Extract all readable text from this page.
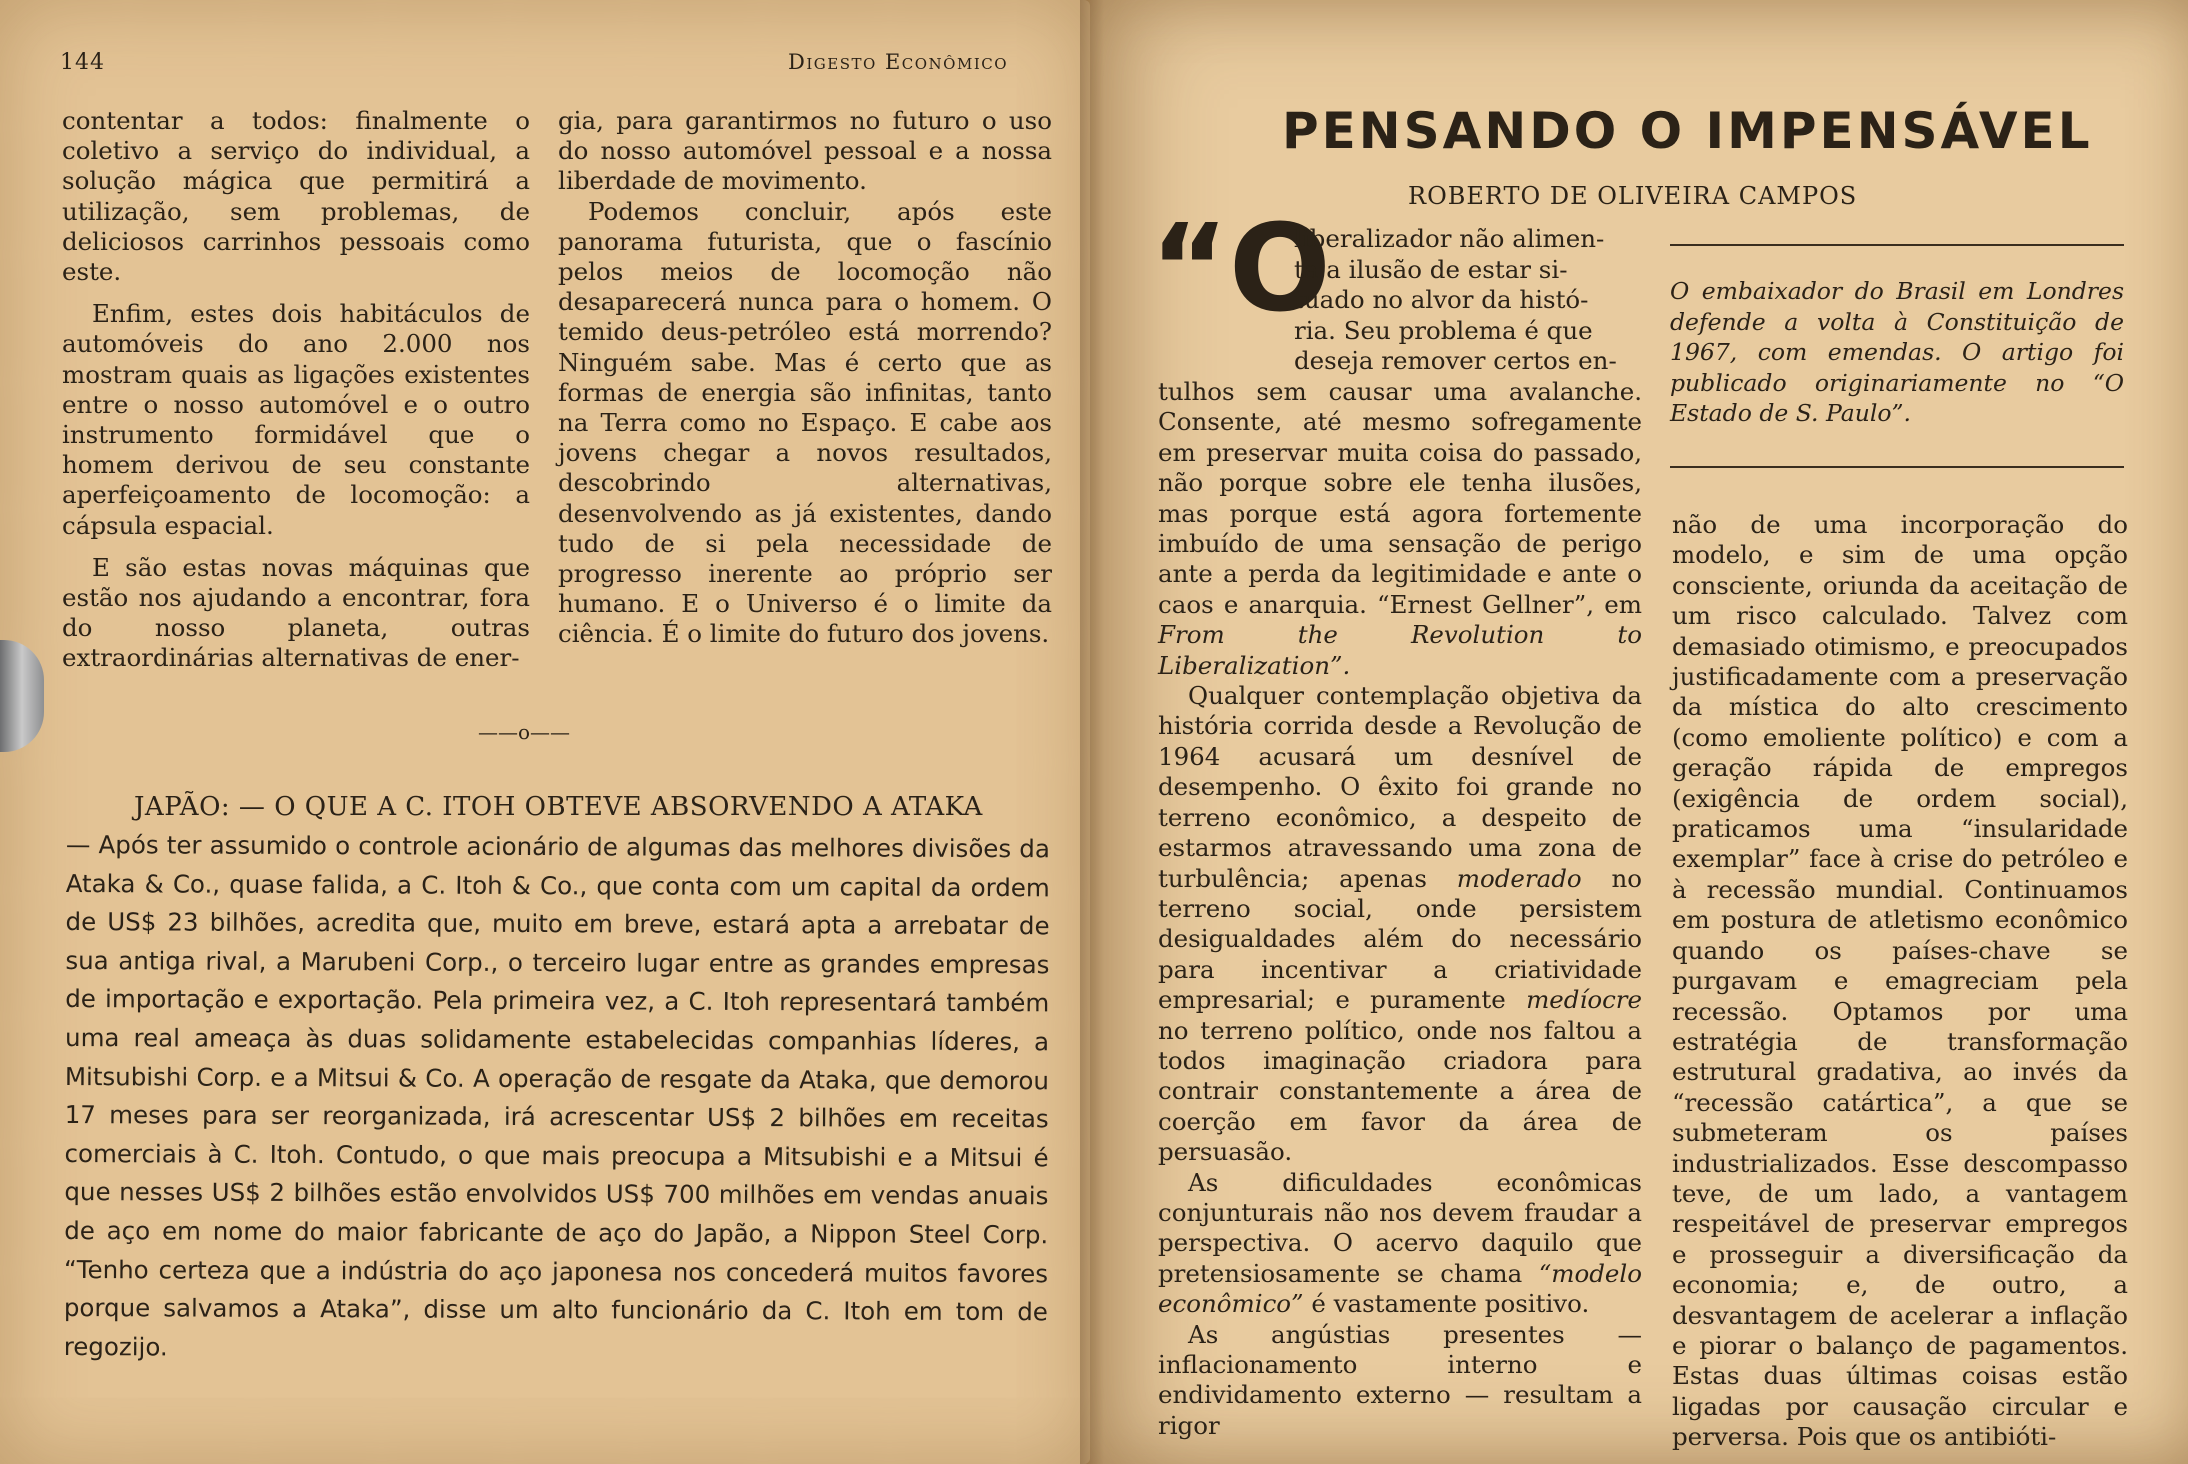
144	Digesto Econômico

contentar a todos: finalmente o coletivo a serviço do individual, a solução mágica que permitirá a utilização, sem problemas, de deliciosos carrinhos pessoais como este.

Enfim, estes dois habitáculos de automóveis do ano 2.000 nos mostram quais as ligações existentes entre o nosso automóvel e o outro instrumento formidável que o homem derivou de seu constante aperfeiçoamento de locomoção: a cápsula espacial.

E são estas novas máquinas que estão nos ajudando a encontrar, fora do nosso planeta, outras extraordinárias alternativas de ener-

gia, para garantirmos no futuro o uso do nosso automóvel pessoal e a nossa liberdade de movimento.

Podemos concluir, após este panorama futurista, que o fascínio pelos meios de locomoção não desaparecerá nunca para o homem. O temido deus-petróleo está morrendo? Ninguém sabe. Mas é certo que as formas de energia são infinitas, tanto na Terra como no Espaço. E cabe aos jovens chegar a novos resultados, descobrindo alternativas, desenvolvendo as já existentes, dando tudo de si pela necessidade de progresso inerente ao próprio ser humano. E o Universo é o limite da ciência. É o limite do futuro dos jovens.

——o——
JAPÃO: — O QUE A C. ITOH OBTEVE ABSORVENDO A ATAKA
— Após ter assumido o controle acionário de algumas das melhores divisões da Ataka & Co., quase falida, a C. Itoh & Co., que conta com um capital da ordem de US$ 23 bilhões, acredita que, muito em breve, estará apta a arrebatar de sua antiga rival, a Marubeni Corp., o terceiro lugar entre as grandes empresas de importação e exportação. Pela primeira vez, a C. Itoh representará também uma real ameaça às duas solidamente estabelecidas companhias líderes, a Mitsubishi Corp. e a Mitsui & Co. A operação de resgate da Ataka, que demorou 17 meses para ser reorganizada, irá acrescentar US$ 2 bilhões em receitas comerciais à C. Itoh. Contudo, o que mais preocupa a Mitsubishi e a Mitsui é que nesses US$ 2 bilhões estão envolvidos US$ 700 milhões em vendas anuais de aço em nome do maior fabricante de aço do Japão, a Nippon Steel Corp. “Tenho certeza que a indústria do aço japonesa nos concederá muitos favores porque salvamos a Ataka”, disse um alto funcionário da C. Itoh em tom de regozijo.
PENSANDO O IMPENSÁVEL
ROBERTO DE OLIVEIRA CAMPOS
“O
liberalizador não alimen-
ta a ilusão de estar si-
tuado no alvor da histó-
ria. Seu problema é que
deseja remover certos en-

tulhos sem causar uma avalanche. Consente, até mesmo sofregamente em preservar muita coisa do passado, não porque sobre ele tenha ilusões, mas porque está agora fortemente imbuído de uma sensação de perigo ante a perda da legitimidade e ante o caos e anarquia. “Ernest Gellner”, em From the Revolution to Liberalization”.

Qualquer contemplação objetiva da história corrida desde a Revolução de 1964 acusará um desnível de desempenho. O êxito foi grande no terreno econômico, a despeito de estarmos atravessando uma zona de turbulência; apenas moderado no terreno social, onde persistem desigualdades além do necessário para incentivar a criatividade empresarial; e puramente medíocre no terreno político, onde nos faltou a todos imaginação criadora para contrair constantemente a área de coerção em favor da área de persuasão.

As dificuldades econômicas conjunturais não nos devem fraudar a perspectiva. O acervo daquilo que pretensiosamente se chama “modelo econômico” é vastamente positivo.

As angústias presentes — inflacionamento interno e endividamento externo — resultam a rigor

O embaixador do Brasil em Londres defende a volta à Constituição de 1967, com emendas. O artigo foi publicado originariamente no “O Estado de S. Paulo”.

não de uma incorporação do modelo, e sim de uma opção consciente, oriunda da aceitação de um risco calculado. Talvez com demasiado otimismo, e preocupados justificadamente com a preservação da mística do alto crescimento (como emoliente político) e com a geração rápida de empregos (exigência de ordem social), praticamos uma “insularidade exemplar” face à crise do petróleo e à recessão mundial. Continuamos em postura de atletismo econômico quando os países-chave se purgavam e emagreciam pela recessão. Optamos por uma estratégia de transformação estrutural gradativa, ao invés da “recessão catártica”, a que se submeteram os países industrializados. Esse descompasso teve, de um lado, a vantagem respeitável de preservar empregos e prosseguir a diversificação da economia; e, de outro, a desvantagem de acelerar a inflação e piorar o balanço de pagamentos. Estas duas últimas coisas estão ligadas por causação circular e perversa. Pois que os antibióti-
